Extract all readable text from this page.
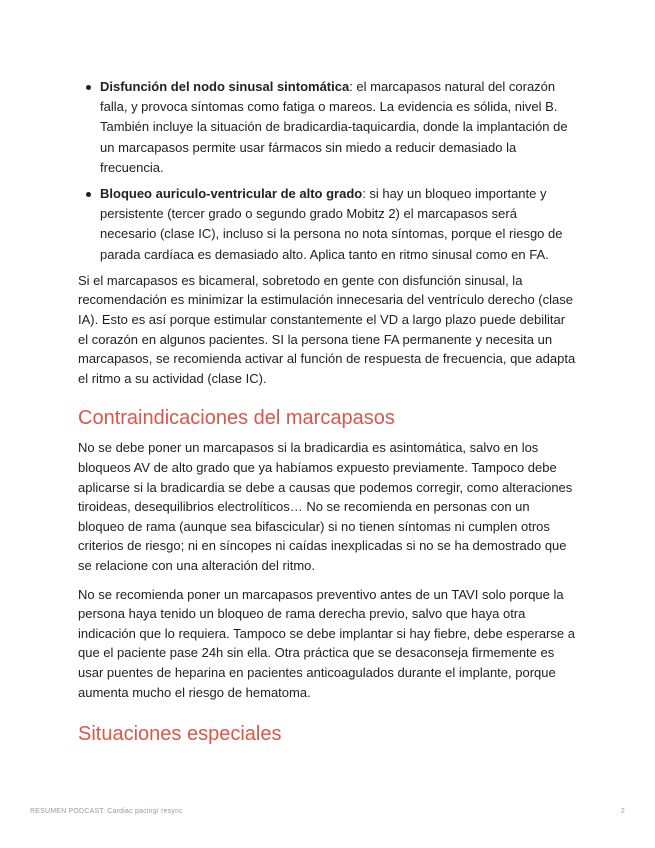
Disfunción del nodo sinusal sintomática: el marcapasos natural del corazón falla, y provoca síntomas como fatiga o mareos. La evidencia es sólida, nivel B. También incluye la situación de bradicardia-taquicardia, donde la implantación de un marcapasos permite usar fármacos sin miedo a reducir demasiado la frecuencia.
Bloqueo auriculo-ventricular de alto grado: si hay un bloqueo importante y persistente (tercer grado o segundo grado Mobitz 2) el marcapasos será necesario (clase IC), incluso si la persona no nota síntomas, porque el riesgo de parada cardíaca es demasiado alto. Aplica tanto en ritmo sinusal como en FA.

Si el marcapasos es bicameral, sobretodo en gente con disfunción sinusal, la recomendación es minimizar la estimulación innecesaria del ventrículo derecho (clase IA). Esto es así porque estimular constantemente el VD a largo plazo puede debilitar el corazón en algunos pacientes. SI la persona tiene FA permanente y necesita un marcapasos, se recomienda activar al función de respuesta de frecuencia, que adapta el ritmo a su actividad (clase IC).

Contraindicaciones del marcapasos

No se debe poner un marcapasos si la bradicardia es asintomática, salvo en los bloqueos AV de alto grado que ya habíamos expuesto previamente. Tampoco debe aplicarse si la bradicardia se debe a causas que podemos corregir, como alteraciones tiroideas, desequilibrios electrolíticos… No se recomienda en personas con un bloqueo de rama (aunque sea bifascicular) si no tienen síntomas ni cumplen otros criterios de riesgo; ni en síncopes ni caídas inexplicadas si no se ha demostrado que se relacione con una alteración del ritmo.

No se recomienda poner un marcapasos preventivo antes de un TAVI solo porque la persona haya tenido un bloqueo de rama derecha previo, salvo que haya otra indicación que lo requiera. Tampoco se debe implantar si hay fiebre, debe esperarse a que el paciente pase 24h sin ella. Otra práctica que se desaconseja firmemente es usar puentes de heparina en pacientes anticoagulados durante el implante, porque aumenta mucho el riesgo de hematoma.

Situaciones especiales
RESUMEN PODCAST: Cardiac pacing/ resync	2
